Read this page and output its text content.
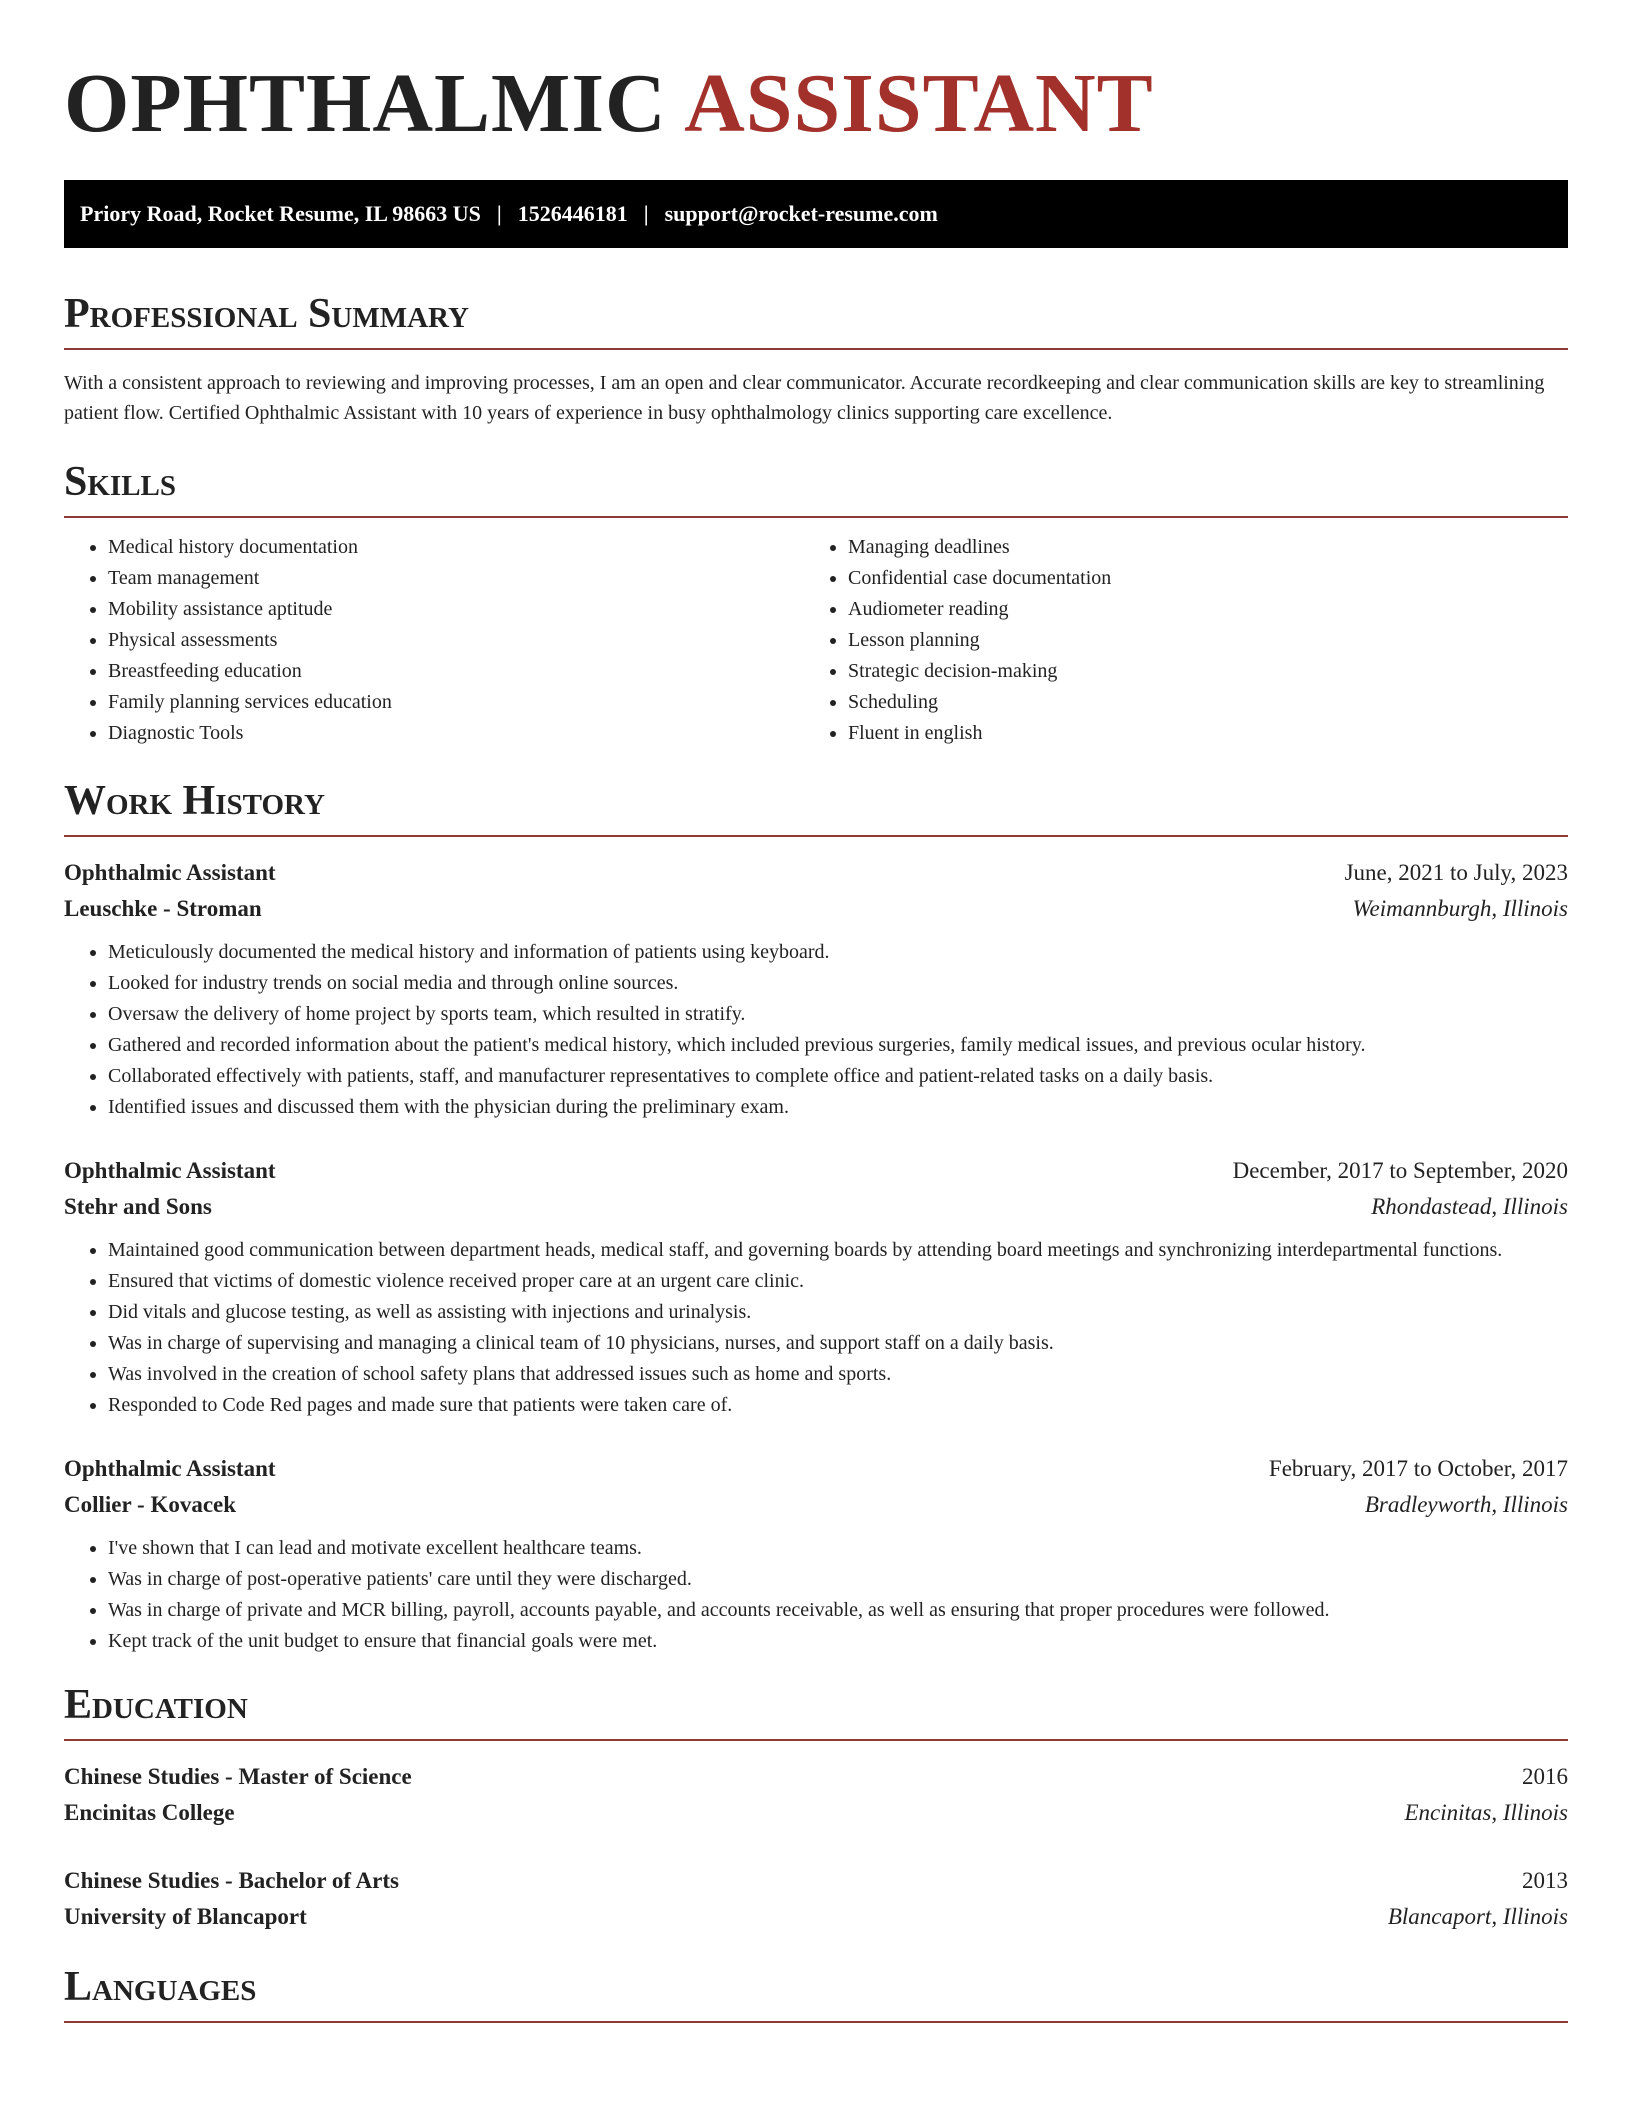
OPHTHALMIC ASSISTANT
Priory Road, Rocket Resume, IL 98663 US | 1526446181 | support@rocket-resume.com
Professional Summary

With a consistent approach to reviewing and improving processes, I am an open and clear communicator. Accurate recordkeeping and clear communication skills are key to streamlining patient flow. Certified Ophthalmic Assistant with 10 years of experience in busy ophthalmology clinics supporting care excellence.

Skills
• Medical history documentation
• Team management
• Mobility assistance aptitude
• Physical assessments
• Breastfeeding education
• Family planning services education
• Diagnostic Tools
• Managing deadlines
• Confidential case documentation
• Audiometer reading
• Lesson planning
• Strategic decision-making
• Scheduling
• Fluent in english
Work History
Ophthalmic Assistant	June, 2021 to July, 2023
Leuschke - Stroman	Weimannburgh, Illinois
• Meticulously documented the medical history and information of patients using keyboard.
• Looked for industry trends on social media and through online sources.
• Oversaw the delivery of home project by sports team, which resulted in stratify.
• Gathered and recorded information about the patient's medical history, which included previous surgeries, family medical issues, and previous ocular history.
• Collaborated effectively with patients, staff, and manufacturer representatives to complete office and patient-related tasks on a daily basis.
• Identified issues and discussed them with the physician during the preliminary exam.
Ophthalmic Assistant	December, 2017 to September, 2020
Stehr and Sons	Rhondastead, Illinois
• Maintained good communication between department heads, medical staff, and governing boards by attending board meetings and synchronizing interdepartmental functions.
• Ensured that victims of domestic violence received proper care at an urgent care clinic.
• Did vitals and glucose testing, as well as assisting with injections and urinalysis.
• Was in charge of supervising and managing a clinical team of 10 physicians, nurses, and support staff on a daily basis.
• Was involved in the creation of school safety plans that addressed issues such as home and sports.
• Responded to Code Red pages and made sure that patients were taken care of.
Ophthalmic Assistant	February, 2017 to October, 2017
Collier - Kovacek	Bradleyworth, Illinois
• I've shown that I can lead and motivate excellent healthcare teams.
• Was in charge of post-operative patients' care until they were discharged.
• Was in charge of private and MCR billing, payroll, accounts payable, and accounts receivable, as well as ensuring that proper procedures were followed.
• Kept track of the unit budget to ensure that financial goals were met.
Education
Chinese Studies - Master of Science	2016
Encinitas College	Encinitas, Illinois
Chinese Studies - Bachelor of Arts	2013
University of Blancaport	Blancaport, Illinois
Languages
